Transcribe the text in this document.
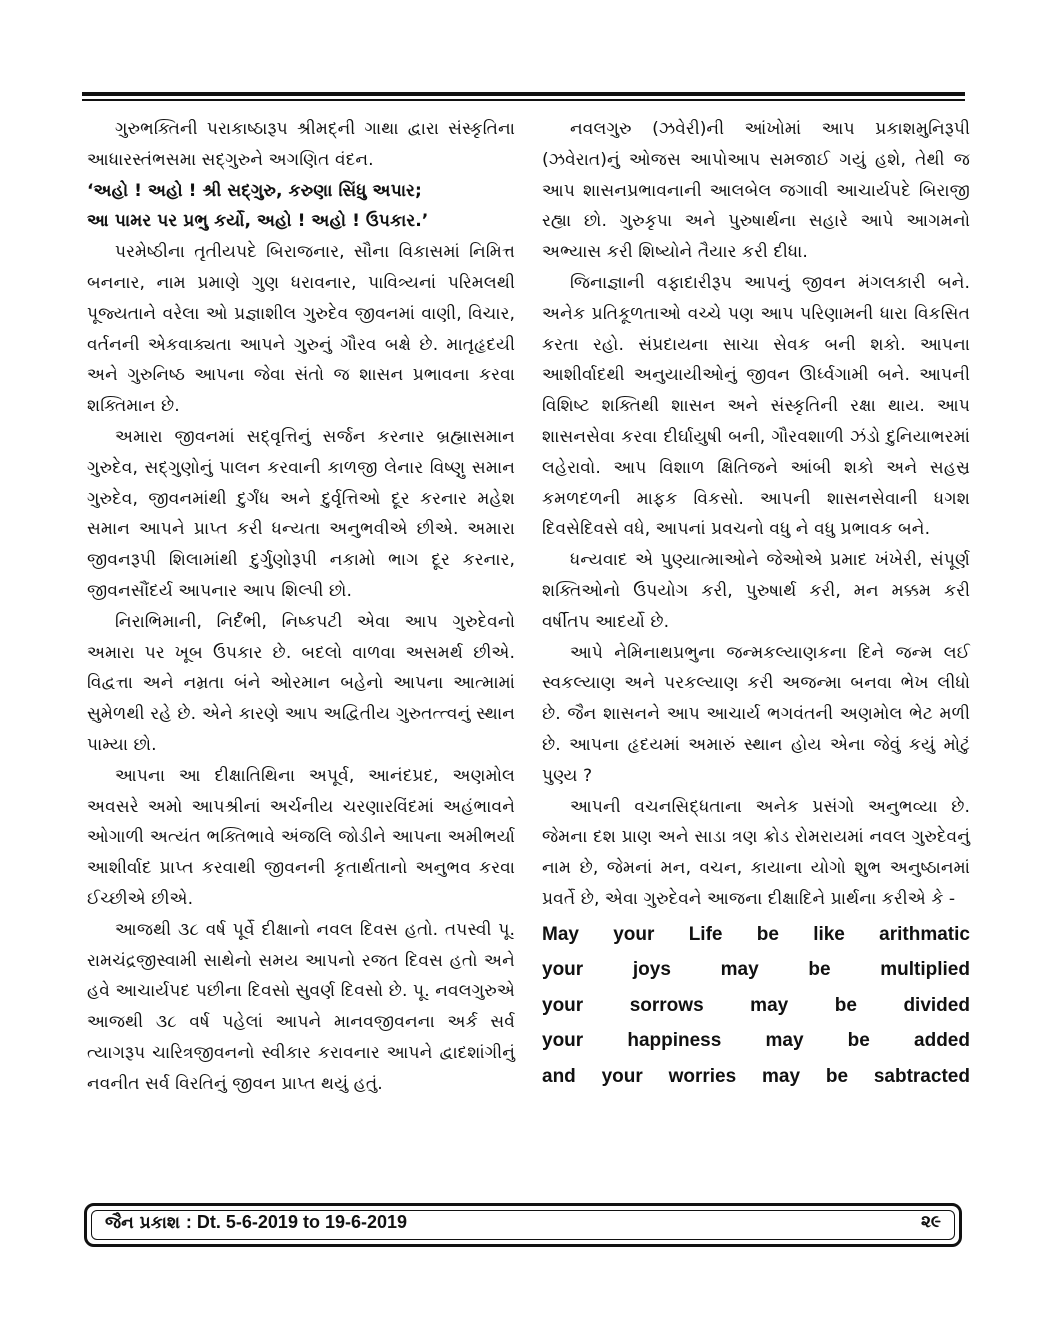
ગુરુભક્તિની પરાકાષ્ઠારૂપ શ્રીમદ્‌ની ગાથા દ્વારા સંસ્કૃતિના આધારસ્તંભસમા સદ્‌ગુરુને અગણિત વંદન.

‘અહો ! અહો ! શ્રી સદ્‌ગુરુ, કરુણા સિંધુ અપાર;

આ પામર પર પ્રભુ કર્યો, અહો ! અહો ! ઉપકાર.’

પરમેષ્ઠીના તૃતીયપદે બિરાજનાર, સૌના વિકાસમાં નિમિત્ત બનનાર, નામ પ્રમાણે ગુણ ધરાવનાર, પાવિત્ર્યનાં પરિમલથી પૂજ્યતાને વરેલા ઓ પ્રજ્ઞાશીલ ગુરુદેવ જીવનમાં વાણી, વિચાર, વર્તનની એકવાક્યતા આપને ગુરુનું ગૌરવ બક્ષે છે. માતૃહૃદયી અને ગુરુનિષ્ઠ આપના જેવા સંતો જ શાસન પ્રભાવના કરવા શક્તિમાન છે.

અમારા જીવનમાં સદ્‌વૃત્તિનું સર્જન કરનાર બ્રહ્માસમાન ગુરુદેવ, સદ્‌ગુણોનું પાલન કરવાની કાળજી લેનાર વિષ્ણુ સમાન ગુરુદેવ, જીવનમાંથી દુર્ગંધ અને દુર્વૃત્તિઓ દૂર કરનાર મહેશ સમાન આપને પ્રાપ્ત કરી ધન્યતા અનુભવીએ છીએ. અમારા જીવનરૂપી શિલામાંથી દુર્ગુણોરૂપી નકામો ભાગ દૂર કરનાર, જીવનસૌંદર્ય આપનાર આપ શિલ્પી છો.

નિરાભિમાની, નિર્દંભી, નિષ્કપટી એવા આપ ગુરુદેવનો અમારા પર ખૂબ ઉપકાર છે. બદલો વાળવા અસમર્થ છીએ. વિદ્વત્તા અને નમ્રતા બંને ઓરમાન બહેનો આપના આત્મામાં સુમેળથી રહે છે. એને કારણે આપ અદ્વિતીય ગુરુતત્ત્વનું સ્થાન પામ્યા છો.

આપના આ દીક્ષાતિથિના અપૂર્વ, આનંદપ્રદ, અણમોલ અવસરે અમો આપશ્રીનાં અર્ચનીય ચરણારવિંદમાં અહંભાવને ઓગાળી અત્યંત ભક્તિભાવે અંજલિ જોડીને આપના અમીભર્યા આશીર્વાદ પ્રાપ્ત કરવાથી જીવનની કૃતાર્થતાનો અનુભવ કરવા ઈચ્છીએ છીએ.

આજથી ૩૮ વર્ષ પૂર્વે દીક્ષાનો નવલ દિવસ હતો. તપસ્વી પૂ. રામચંદ્રજીસ્વામી સાથેનો સમય આપનો રજત દિવસ હતો અને હવે આચાર્યપદ પછીના દિવસો સુવર્ણ દિવસો છે. પૂ. નવલગુરુએ આજથી ૩૮ વર્ષ પહેલાં આપને માનવજીવનના અર્ક સર્વ ત્યાગરૂપ ચારિત્રજીવનનો સ્વીકાર કરાવનાર આપને દ્વાદશાંગીનું નવનીત સર્વ વિરતિનું જીવન પ્રાપ્ત થયું હતું.

નવલગુરુ (ઝવેરી)ની આંખોમાં આપ પ્રકાશમુનિરૂપી (ઝવેરાત)નું ઓજસ આપોઆપ સમજાઈ ગયું હશે, તેથી જ આપ શાસનપ્રભાવનાની આલબેલ જગાવી આચાર્યપદે બિરાજી રહ્યા છો. ગુરુકૃપા અને પુરુષાર્થના સહારે આપે આગમનો અભ્યાસ કરી શિષ્યોને તૈયાર કરી દીધા.

જિનાજ્ઞાની વફાદારીરૂપ આપનું જીવન મંગલકારી બને. અનેક પ્રતિકૂળતાઓ વચ્ચે પણ આપ પરિણામની ધારા વિકસિત કરતા રહો. સંપ્રદાયના સાચા સેવક બની શકો. આપના આશીર્વાદથી અનુયાયીઓનું જીવન ઊર્ધ્વગામી બને. આપની વિશિષ્ટ શક્તિથી શાસન અને સંસ્કૃતિની રક્ષા થાય. આપ શાસનસેવા કરવા દીર્ઘાયુષી બની, ગૌરવશાળી ઝંડો દુનિયાભરમાં લહેરાવો. આપ વિશાળ ક્ષિતિજને આંબી શકો અને સહસ્ર કમળદળની માફક વિકસો. આપની શાસનસેવાની ધગશ દિવસેદિવસે વધે, આપનાં પ્રવચનો વધુ ને વધુ પ્રભાવક બને.

ધન્યવાદ એ પુણ્યાત્માઓને જેઓએ પ્રમાદ ખંખેરી, સંપૂર્ણ શક્તિઓનો ઉપયોગ કરી, પુરુષાર્થ કરી, મન મક્કમ કરી વર્ષીતપ આદર્યો છે.

આપે નેમિનાથપ્રભુના જન્મકલ્યાણકના દિને જન્મ લઈ સ્વકલ્યાણ અને પરકલ્યાણ કરી અજન્મા બનવા ભેખ લીધો છે. જૈન શાસનને આપ આચાર્ય ભગવંતની અણમોલ ભેટ મળી છે. આપના હૃદયમાં અમારું સ્થાન હોય એના જેવું કયું મોટું પુણ્ય ?

આપની વચનસિદ્ધતાના અનેક પ્રસંગો અનુભવ્યા છે. જેમના દશ પ્રાણ અને સાડા ત્રણ ક્રોડ રોમરાયમાં નવલ ગુરુદેવનું નામ છે, જેમનાં મન, વચન, કાયાના યોગો શુભ અનુષ્ઠાનમાં પ્રવર્તે છે, એવા ગુરુદેવને આજના દીક્ષાદિને પ્રાર્થના કરીએ કે -

May your Life be like arithmatic
your	joys	may	be	multiplied
your sorrows may be divided
your happiness may be added
and your worries may be sabtracted
જૈન પ્રકાશ : Dt. 5-6-2019 to 19-6-2019	૨૯
